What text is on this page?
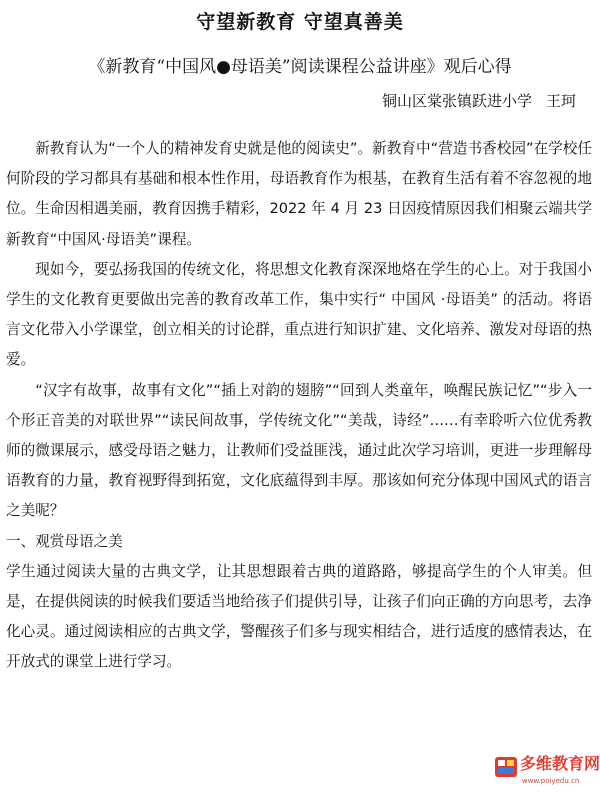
守望新教育 守望真善美
《新教育“中国风●母语美”阅读课程公益讲座》观后心得
铜山区棠张镇跃进小学 王珂

新教育认为“一个人的精神发育史就是他的阅读史”。新教育中“营造书香校园”在学校任何阶段的学习都具有基础和根本性作用，母语教育作为根基，在教育生活有着不容忽视的地位。生命因相遇美丽，教育因携手精彩，2022 年 4 月 23 日因疫情原因我们相聚云端共学新教育“中国风·母语美”课程。

现如今，要弘扬我国的传统文化，将思想文化教育深深地烙在学生的心上。对于我国小学生的文化教育更要做出完善的教育改革工作，集中实行“ 中国风 ·母语美” 的活动。将语言文化带入小学课堂，创立相关的讨论群，重点进行知识扩建、文化培养、激发对母语的热爱。

“汉字有故事，故事有文化”“插上对韵的翅膀”“回到人类童年，唤醒民族记忆”“步入一个形正音美的对联世界”“读民间故事，学传统文化”“美哉，诗经”……有幸聆听六位优秀教师的微课展示，感受母语之魅力，让教师们受益匪浅，通过此次学习培训，更进一步理解母语教育的力量，教育视野得到拓宽，文化底蕴得到丰厚。那该如何充分体现中国风式的语言之美呢？

一、观赏母语之美

学生通过阅读大量的古典文学，让其思想跟着古典的道路路，够提高学生的个人审美。但是，在提供阅读的时候我们要适当地给孩子们提供引导，让孩子们向正确的方向思考，去净化心灵。通过阅读相应的古典文学，警醒孩子们多与现实相结合，进行适度的感情表达，在开放式的课堂上进行学习。

多维教育网
www.poiyedu.cn
